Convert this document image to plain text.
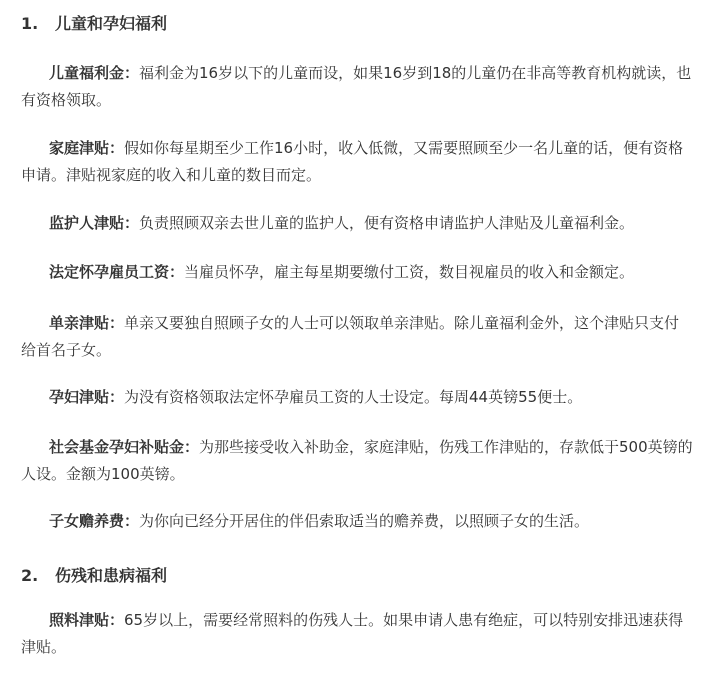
1. 儿童和孕妇福利

儿童福利金：福利金为16岁以下的儿童而设，如果16岁到18的儿童仍在非高等教育机构就读，也有资格领取。

家庭津贴：假如你每星期至少工作16小时，收入低微，又需要照顾至少一名儿童的话，便有资格申请。津贴视家庭的收入和儿童的数目而定。

监护人津贴：负责照顾双亲去世儿童的监护人，便有资格申请监护人津贴及儿童福利金。

法定怀孕雇员工资：当雇员怀孕，雇主每星期要缴付工资，数目视雇员的收入和金额定。

单亲津贴：单亲又要独自照顾子女的人士可以领取单亲津贴。除儿童福利金外，这个津贴只支付给首名子女。

孕妇津贴：为没有资格领取法定怀孕雇员工资的人士设定。每周44英镑55便士。

社会基金孕妇补贴金：为那些接受收入补助金，家庭津贴，伤残工作津贴的，存款低于500英镑的人设。金额为100英镑。

子女赡养费：为你向已经分开居住的伴侣索取适当的赡养费，以照顾子女的生活。

2. 伤残和患病福利

照料津贴：65岁以上，需要经常照料的伤残人士。如果申请人患有绝症，可以特别安排迅速获得津贴。
